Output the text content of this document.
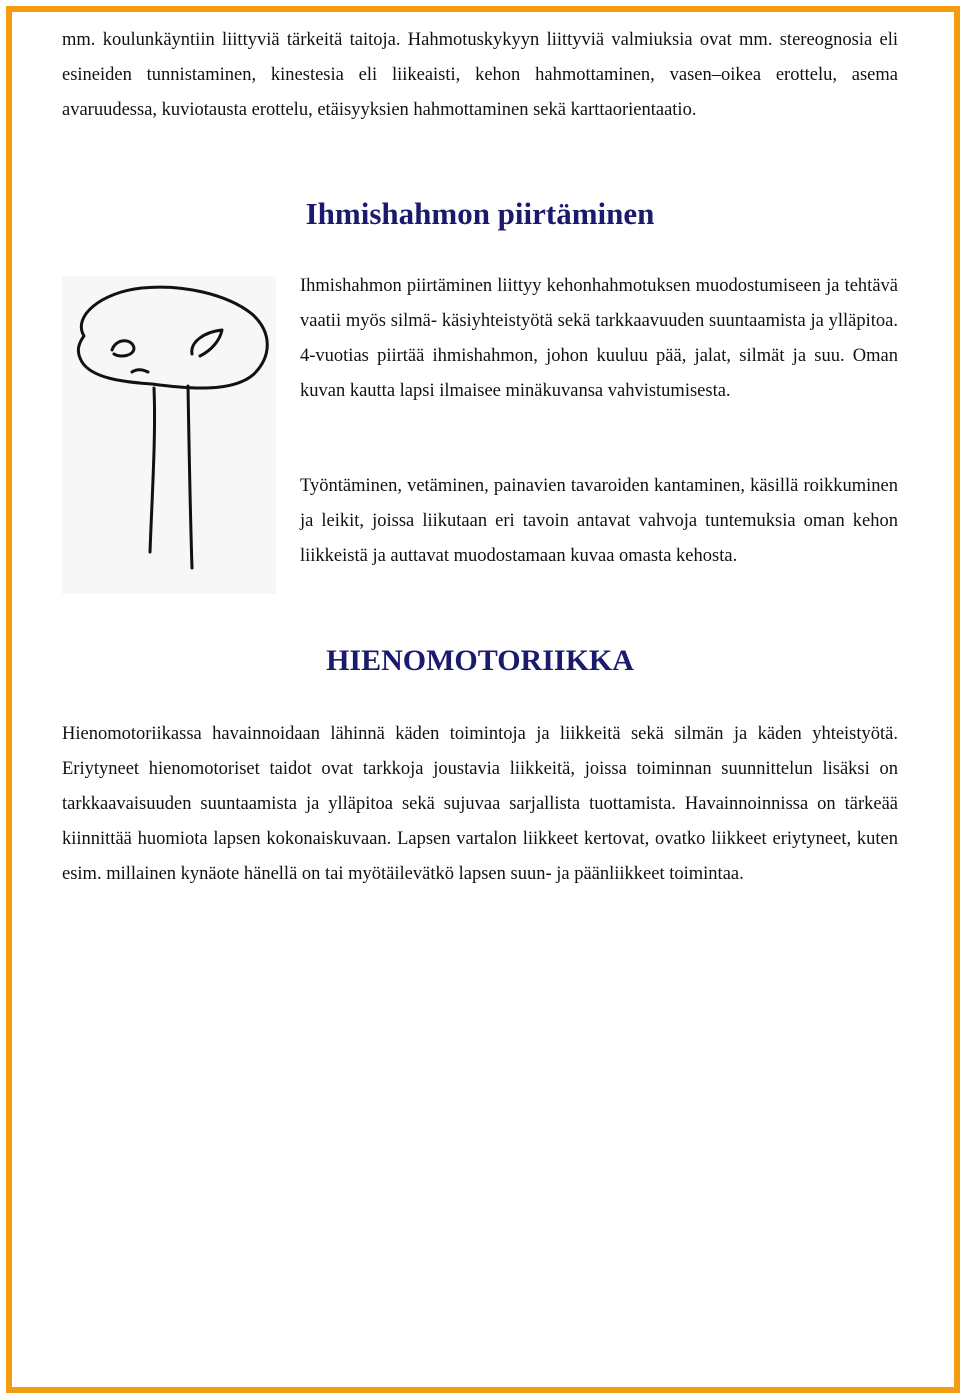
mm. koulunkäyntiin liittyviä tärkeitä taitoja. Hahmotuskykyyn liittyviä valmiuksia ovat mm. stereognosia eli esineiden tunnistaminen, kinestesia eli liikeaisti, kehon hahmottaminen, vasen–oikea erottelu, asema avaruudessa, kuviotausta erottelu, etäisyyksien hahmottaminen sekä karttaorientaatio.

Ihmishahmon piirtäminen

Ihmishahmon piirtäminen liittyy kehonhahmotuksen muodostumiseen ja tehtävä vaatii myös silmä- käsiyhteistyötä sekä tarkkaavuuden suuntaamista ja ylläpitoa. 4-vuotias piirtää ihmishahmon, johon kuuluu pää, jalat, silmät ja suu. Oman kuvan kautta lapsi ilmaisee minäkuvansa vahvistumisesta.

Työntäminen, vetäminen, painavien tavaroiden kantaminen, käsillä roikkuminen ja leikit, joissa liikutaan eri tavoin antavat vahvoja tuntemuksia oman kehon liikkeistä ja auttavat muodostamaan kuvaa omasta kehosta.

HIENOMOTORIIKKA

Hienomotoriikassa havainnoidaan lähinnä käden toimintoja ja liikkeitä sekä silmän ja käden yhteistyötä. Eriytyneet hienomotoriset taidot ovat tarkkoja joustavia liikkeitä, joissa toiminnan suunnittelun lisäksi on tarkkaavaisuuden suuntaamista ja ylläpitoa sekä sujuvaa sarjallista tuottamista. Havainnoinnissa on tärkeää kiinnittää huomiota lapsen kokonaiskuvaan. Lapsen vartalon liikkeet kertovat, ovatko liikkeet eriytyneet, kuten esim. millainen kynäote hänellä on tai myötäilevätkö lapsen suun- ja päänliikkeet toimintaa.
